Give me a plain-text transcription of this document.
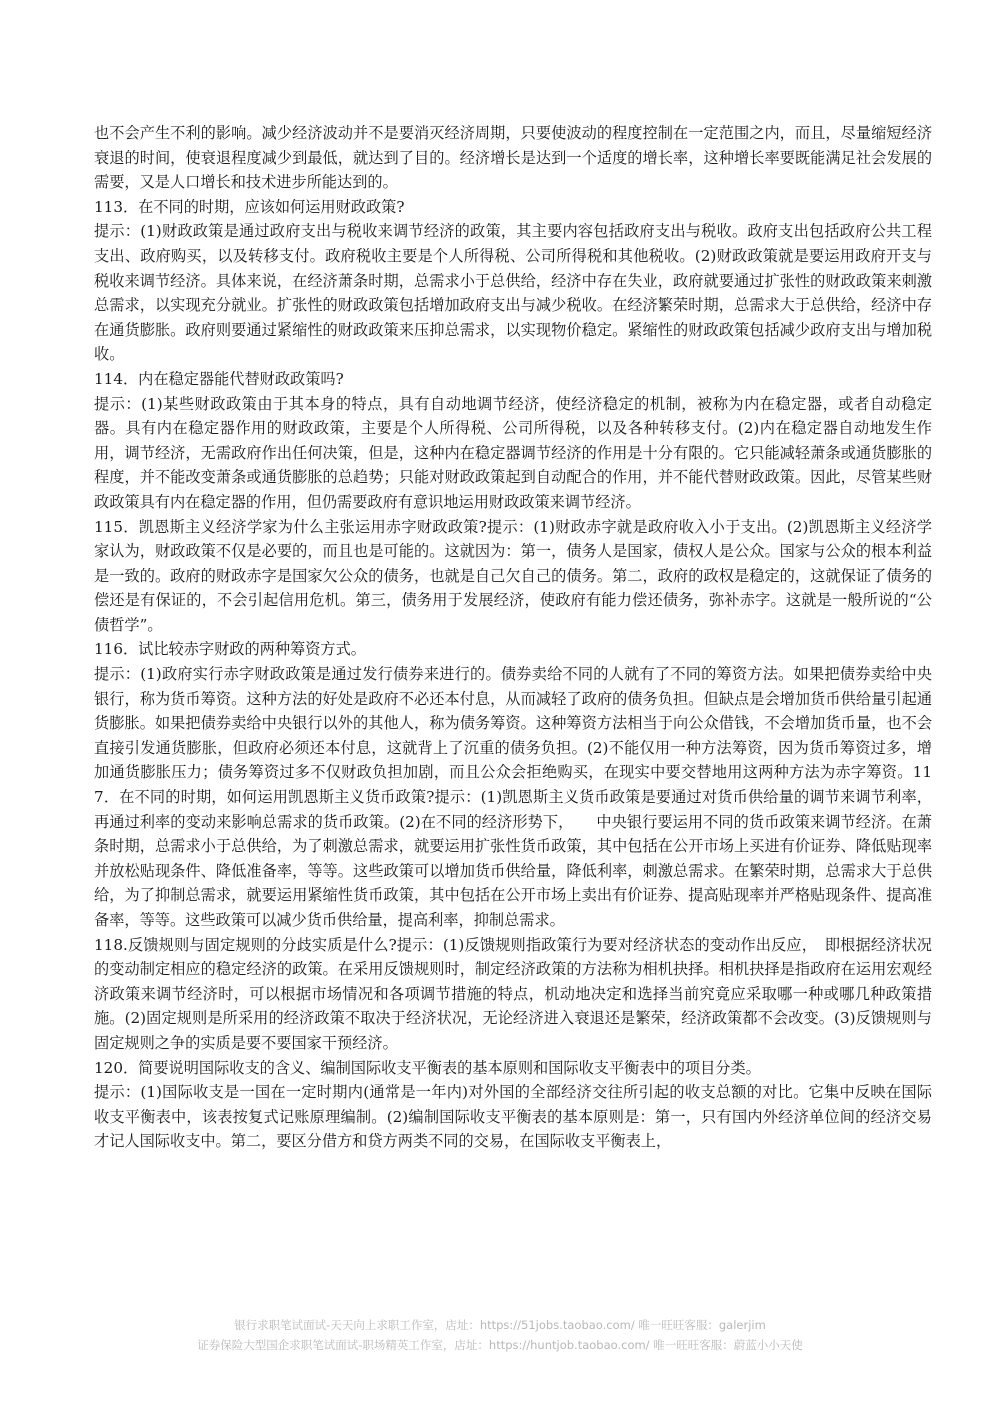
也不会产生不利的影响。减少经济波动并不是要消灭经济周期，只要使波动的程度控制在一定范围之内，而且，尽量缩短经济衰退的时间，使衰退程度减少到最低，就达到了目的。经济增长是达到一个适度的增长率，这种增长率要既能满足社会发展的需要，又是人口增长和技术进步所能达到的。

113．在不同的时期，应该如何运用财政政策?

提示：(1)财政政策是通过政府支出与税收来调节经济的政策，其主要内容包括政府支出与税收。政府支出包括政府公共工程支出、政府购买，以及转移支付。政府税收主要是个人所得税、公司所得税和其他税收。(2)财政政策就是要运用政府开支与税收来调节经济。具体来说，在经济萧条时期，总需求小于总供给，经济中存在失业，政府就要通过扩张性的财政政策来刺激总需求，以实现充分就业。扩张性的财政政策包括增加政府支出与减少税收。在经济繁荣时期，总需求大于总供给，经济中存在通货膨胀。政府则要通过紧缩性的财政政策来压抑总需求，以实现物价稳定。紧缩性的财政政策包括减少政府支出与增加税收。

114．内在稳定器能代替财政政策吗?

提示：(1)某些财政政策由于其本身的特点，具有自动地调节经济，使经济稳定的机制，被称为内在稳定器，或者自动稳定器。具有内在稳定器作用的财政政策，主要是个人所得税、公司所得税，以及各种转移支付。(2)内在稳定器自动地发生作用，调节经济，无需政府作出任何决策，但是，这种内在稳定器调节经济的作用是十分有限的。它只能减轻萧条或通货膨胀的程度，并不能改变萧条或通货膨胀的总趋势；只能对财政政策起到自动配合的作用，并不能代替财政政策。因此，尽管某些财政政策具有内在稳定器的作用，但仍需要政府有意识地运用财政政策来调节经济。

115．凯恩斯主义经济学家为什么主张运用赤字财政政策?提示：(1)财政赤字就是政府收入小于支出。(2)凯恩斯主义经济学家认为，财政政策不仅是必要的，而且也是可能的。这就因为：第一，债务人是国家，债权人是公众。国家与公众的根本利益是一致的。政府的财政赤字是国家欠公众的债务，也就是自己欠自己的债务。第二，政府的政权是稳定的，这就保证了债务的偿还是有保证的，不会引起信用危机。第三，债务用于发展经济，使政府有能力偿还债务，弥补赤字。这就是一般所说的“公债哲学”。

116．试比较赤字财政的两种筹资方式。

提示：(1)政府实行赤字财政政策是通过发行债券来进行的。债券卖给不同的人就有了不同的筹资方法。如果把债券卖给中央银行，称为货币筹资。这种方法的好处是政府不必还本付息，从而减轻了政府的债务负担。但缺点是会增加货币供给量引起通货膨胀。如果把债券卖给中央银行以外的其他人，称为债务筹资。这种筹资方法相当于向公众借钱，不会增加货币量，也不会直接引发通货膨胀，但政府必须还本付息，这就背上了沉重的债务负担。(2)不能仅用一种方法筹资，因为货币筹资过多，增加通货膨胀压力；债务筹资过多不仅财政负担加剧，而且公众会拒绝购买，在现实中要交替地用这两种方法为赤字筹资。117．在不同的时期，如何运用凯恩斯主义货币政策?提示：(1)凯恩斯主义货币政策是要通过对货币供给量的调节来调节利率，再通过利率的变动来影响总需求的货币政策。(2)在不同的经济形势下，　　中央银行要运用不同的货币政策来调节经济。在萧条时期，总需求小于总供给，为了刺激总需求，就要运用扩张性货币政策，其中包括在公开市场上买进有价证券、降低贴现率并放松贴现条件、降低准备率，等等。这些政策可以增加货币供给量，降低利率，刺激总需求。在繁荣时期，总需求大于总供给，为了抑制总需求，就要运用紧缩性货币政策，其中包括在公开市场上卖出有价证券、提高贴现率并严格贴现条件、提高准备率，等等。这些政策可以减少货币供给量，提高利率，抑制总需求。

118.反馈规则与固定规则的分歧实质是什么?提示：(1)反馈规则指政策行为要对经济状态的变动作出反应，　即根据经济状况的变动制定相应的稳定经济的政策。在采用反馈规则时，制定经济政策的方法称为相机抉择。相机抉择是指政府在运用宏观经济政策来调节经济时，可以根据市场情况和各项调节措施的特点，机动地决定和选择当前究竟应采取哪一种或哪几种政策措施。(2)固定规则是所采用的经济政策不取决于经济状况，无论经济进入衰退还是繁荣，经济政策都不会改变。(3)反馈规则与固定规则之争的实质是要不要国家干预经济。

120．简要说明国际收支的含义、编制国际收支平衡表的基本原则和国际收支平衡表中的项目分类。

提示：(1)国际收支是一国在一定时期内(通常是一年内)对外国的全部经济交往所引起的收支总额的对比。它集中反映在国际收支平衡表中，该表按复式记账原理编制。(2)编制国际收支平衡表的基本原则是：第一，只有国内外经济单位间的经济交易才记人国际收支中。第二，要区分借方和贷方两类不同的交易，在国际收支平衡表上，

银行求职笔试面试-天天向上求职工作室，店址：https://51jobs.taobao.com/ 唯一旺旺客服：galerjim
证券保险大型国企求职笔试面试-职场精英工作室，店址：https://huntjob.taobao.com/ 唯一旺旺客服：蔚蓝小小天使
